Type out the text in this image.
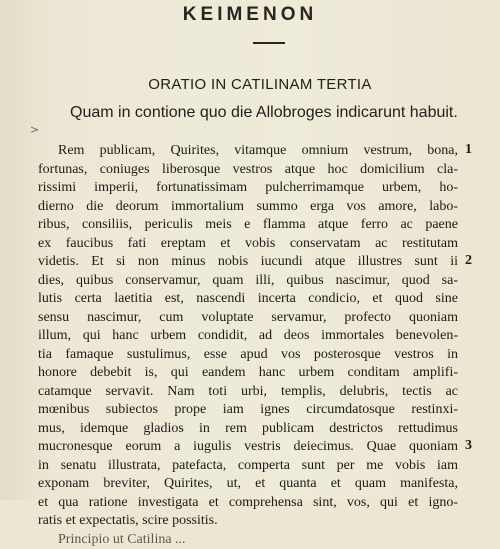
KEIMENON
ORATIO IN CATILINAM TERTIA
Quam in contione quo die Allobroges indicarunt habuit.
>
Rem publicam, Quirites, vitamque omnium vestrum, bona,
fortunas, coniuges liberosque vestros atque hoc domicilium cla-
rissimi imperii, fortunatissimam pulcherrimamque urbem, ho-
dierno die deorum immortalium summo erga vos amore, labo-
ribus, consiliis, periculis meis e flamma atque ferro ac paene
ex faucibus fati ereptam et vobis conservatam ac restitutam
videtis. Et si non minus nobis iucundi atque illustres sunt ii
dies, quibus conservamur, quam illi, quibus nascimur, quod sa-
lutis certa laetitia est, nascendi incerta condicio, et quod sine
sensu nascimur, cum voluptate servamur, profecto quoniam
illum, qui hanc urbem condidit, ad deos immortales benevolen-
tia famaque sustulimus, esse apud vos posterosque vestros in
honore debebit is, qui eandem hanc urbem conditam amplifi-
catamque servavit. Nam toti urbi, templis, delubris, tectis ac
mœnibus subiectos prope iam ignes circumdatosque restinxi-
mus, idemque gladios in rem publicam destrictos rettudimus
mucronesque eorum a iugulis vestris deiecimus. Quae quoniam
in senatu illustrata, patefacta, comperta sunt per me vobis iam
exponam breviter, Quirites, ut, et quanta et quam manifesta,
et qua ratione investigata et comprehensa sint, vos, qui et igno-
ratis et expectatis, scire possitis.
Principio ut Catilina ...
1
2
3
